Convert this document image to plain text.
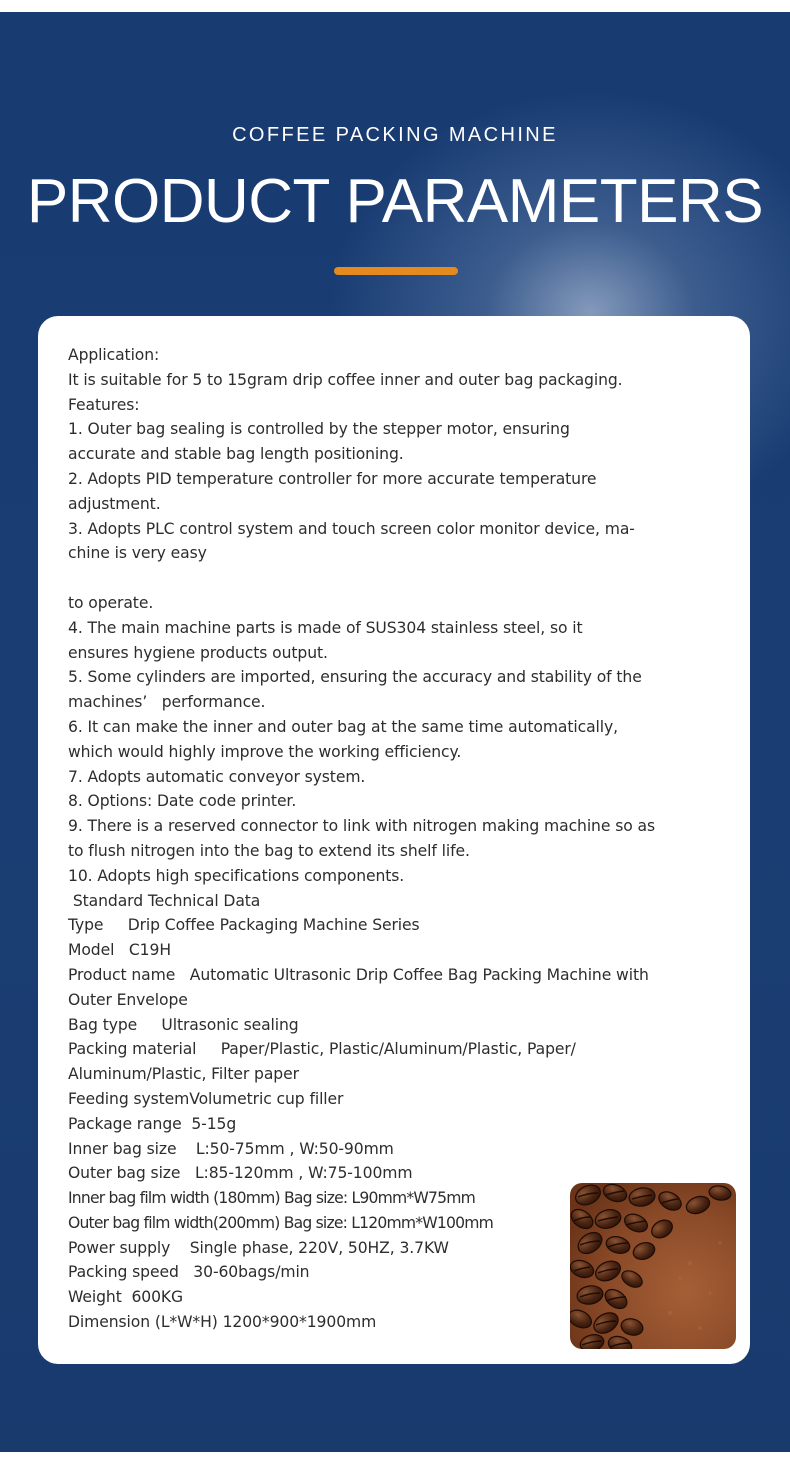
COFFEE PACKING MACHINE
PRODUCT PARAMETERS
Application:
It is suitable for 5 to 15gram drip coffee inner and outer bag packaging.
Features:
1. Outer bag sealing is controlled by the stepper motor, ensuring
accurate and stable bag length positioning.
2. Adopts PID temperature controller for more accurate temperature
adjustment.
3. Adopts PLC control system and touch screen color monitor device, ma-
chine is very easy
to operate.
4. The main machine parts is made of SUS304 stainless steel, so it
ensures hygiene products output.
5. Some cylinders are imported, ensuring the accuracy and stability of the
machines’   performance.
6. It can make the inner and outer bag at the same time automatically,
which would highly improve the working efficiency.
7. Adopts automatic conveyor system.
8. Options: Date code printer.
9. There is a reserved connector to link with nitrogen making machine so as
to flush nitrogen into the bag to extend its shelf life.
10. Adopts high specifications components.
Standard Technical Data
Type     Drip Coffee Packaging Machine Series
Model   C19H
Product name   Automatic Ultrasonic Drip Coffee Bag Packing Machine with
Outer Envelope
Bag type     Ultrasonic sealing
Packing material     Paper/Plastic, Plastic/Aluminum/Plastic, Paper/
Aluminum/Plastic, Filter paper
Feeding systemVolumetric cup filler
Package range  5-15g
Inner bag size    L:50-75mm , W:50-90mm
Outer bag size   L:85-120mm , W:75-100mm
Inner bag film width (180mm) Bag size: L90mm*W75mm
Outer bag film width(200mm) Bag size: L120mm*W100mm
Power supply    Single phase, 220V, 50HZ, 3.7KW
Packing speed   30-60bags/min
Weight  600KG
Dimension (L*W*H) 1200*900*1900mm
